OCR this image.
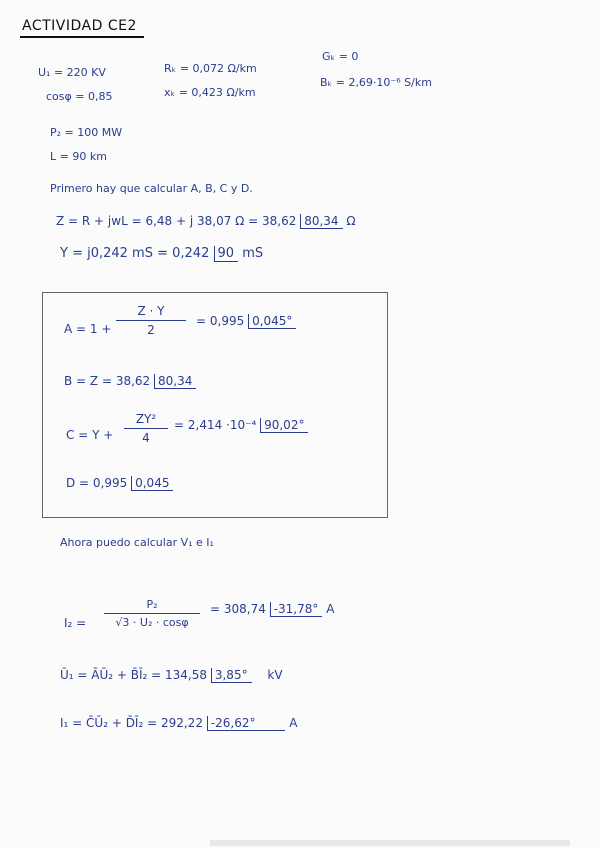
ACTIVIDAD CE2
U₁ = 220 KV
cosφ = 0,85
Rₖ = 0,072 Ω/km
xₖ = 0,423 Ω/km
Gₖ = 0
Bₖ = 2,69·10⁻⁶ S/km
P₂ = 100 MW
L = 90 km
Primero hay que calcular A, B, C y D.
Z = R + jwL = 6,48 + j 38,07 Ω = 38,62 80,34 Ω
Y = j0,242 mS = 0,242 90 mS
A = 1 +
Z · Y
2
= 0,995 0,045°
B = Z = 38,62 80,34
C = Y +
ZY²
4
= 2,414 ·10⁻⁴ 90,02°
D = 0,995 0,045
Ahora puedo calcular V₁ e I₁
I₂ =
P₂
√3 · U₂ · cosφ
= 308,74 -31,78° A
Ū₁ = ĀŪ₂ + B̄Ī₂ = 134,58 3,85° kV
I₁ = C̄Ū₂ + D̄Ī₂ = 292,22 -26,62°	A
